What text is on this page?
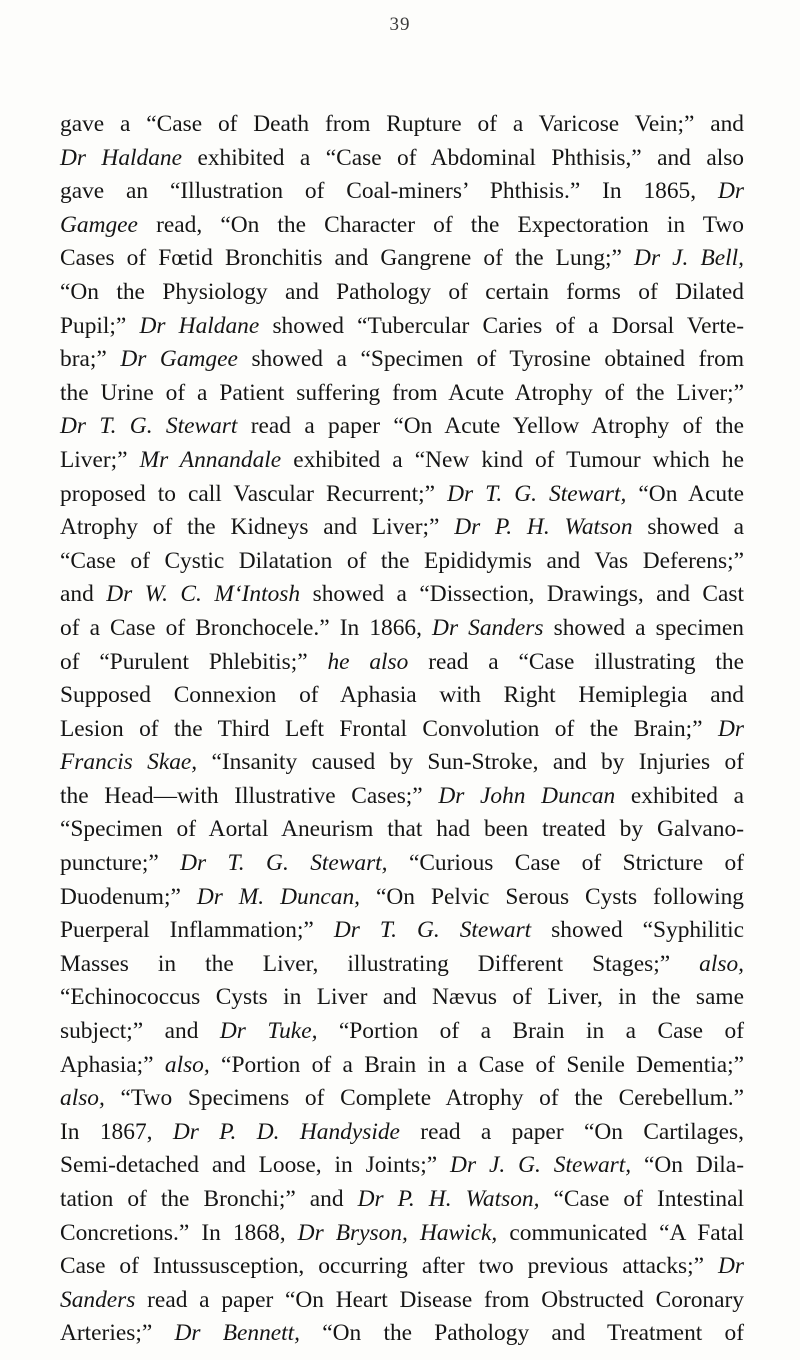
39

gave a “Case of Death from Rupture of a Varicose Vein;” and
Dr Haldane exhibited a “Case of Abdominal Phthisis,” and also
gave an “Illustration of Coal-miners’ Phthisis.” In 1865, Dr
Gamgee read, “On the Character of the Expectoration in Two
Cases of Fœtid Bronchitis and Gangrene of the Lung;” Dr J. Bell,
“On the Physiology and Pathology of certain forms of Dilated
Pupil;” Dr Haldane showed “Tubercular Caries of a Dorsal Verte-
bra;” Dr Gamgee showed a “Specimen of Tyrosine obtained from
the Urine of a Patient suffering from Acute Atrophy of the Liver;”
Dr T. G. Stewart read a paper “On Acute Yellow Atrophy of the
Liver;” Mr Annandale exhibited a “New kind of Tumour which he
proposed to call Vascular Recurrent;” Dr T. G. Stewart, “On Acute
Atrophy of the Kidneys and Liver;” Dr P. H. Watson showed a
“Case of Cystic Dilatation of the Epididymis and Vas Deferens;”
and Dr W. C. M‘Intosh showed a “Dissection, Drawings, and Cast
of a Case of Bronchocele.” In 1866, Dr Sanders showed a specimen
of “Purulent Phlebitis;” he also read a “Case illustrating the
Supposed Connexion of Aphasia with Right Hemiplegia and
Lesion of the Third Left Frontal Convolution of the Brain;” Dr
Francis Skae, “Insanity caused by Sun-Stroke, and by Injuries of
the Head—with Illustrative Cases;” Dr John Duncan exhibited a
“Specimen of Aortal Aneurism that had been treated by Galvano-
puncture;” Dr T. G. Stewart, “Curious Case of Stricture of
Duodenum;” Dr M. Duncan, “On Pelvic Serous Cysts following
Puerperal Inflammation;” Dr T. G. Stewart showed “Syphilitic
Masses in the Liver, illustrating Different Stages;” also,
“Echinococcus Cysts in Liver and Nævus of Liver, in the same
subject;” and Dr Tuke, “Portion of a Brain in a Case of
Aphasia;” also, “Portion of a Brain in a Case of Senile Dementia;”
also, “Two Specimens of Complete Atrophy of the Cerebellum.”
In 1867, Dr P. D. Handyside read a paper “On Cartilages,
Semi-detached and Loose, in Joints;” Dr J. G. Stewart, “On Dila-
tation of the Bronchi;” and Dr P. H. Watson, “Case of Intestinal
Concretions.” In 1868, Dr Bryson, Hawick, communicated “A Fatal
Case of Intussusception, occurring after two previous attacks;” Dr
Sanders read a paper “On Heart Disease from Obstructed Coronary
Arteries;” Dr Bennett, “On the Pathology and Treatment of
